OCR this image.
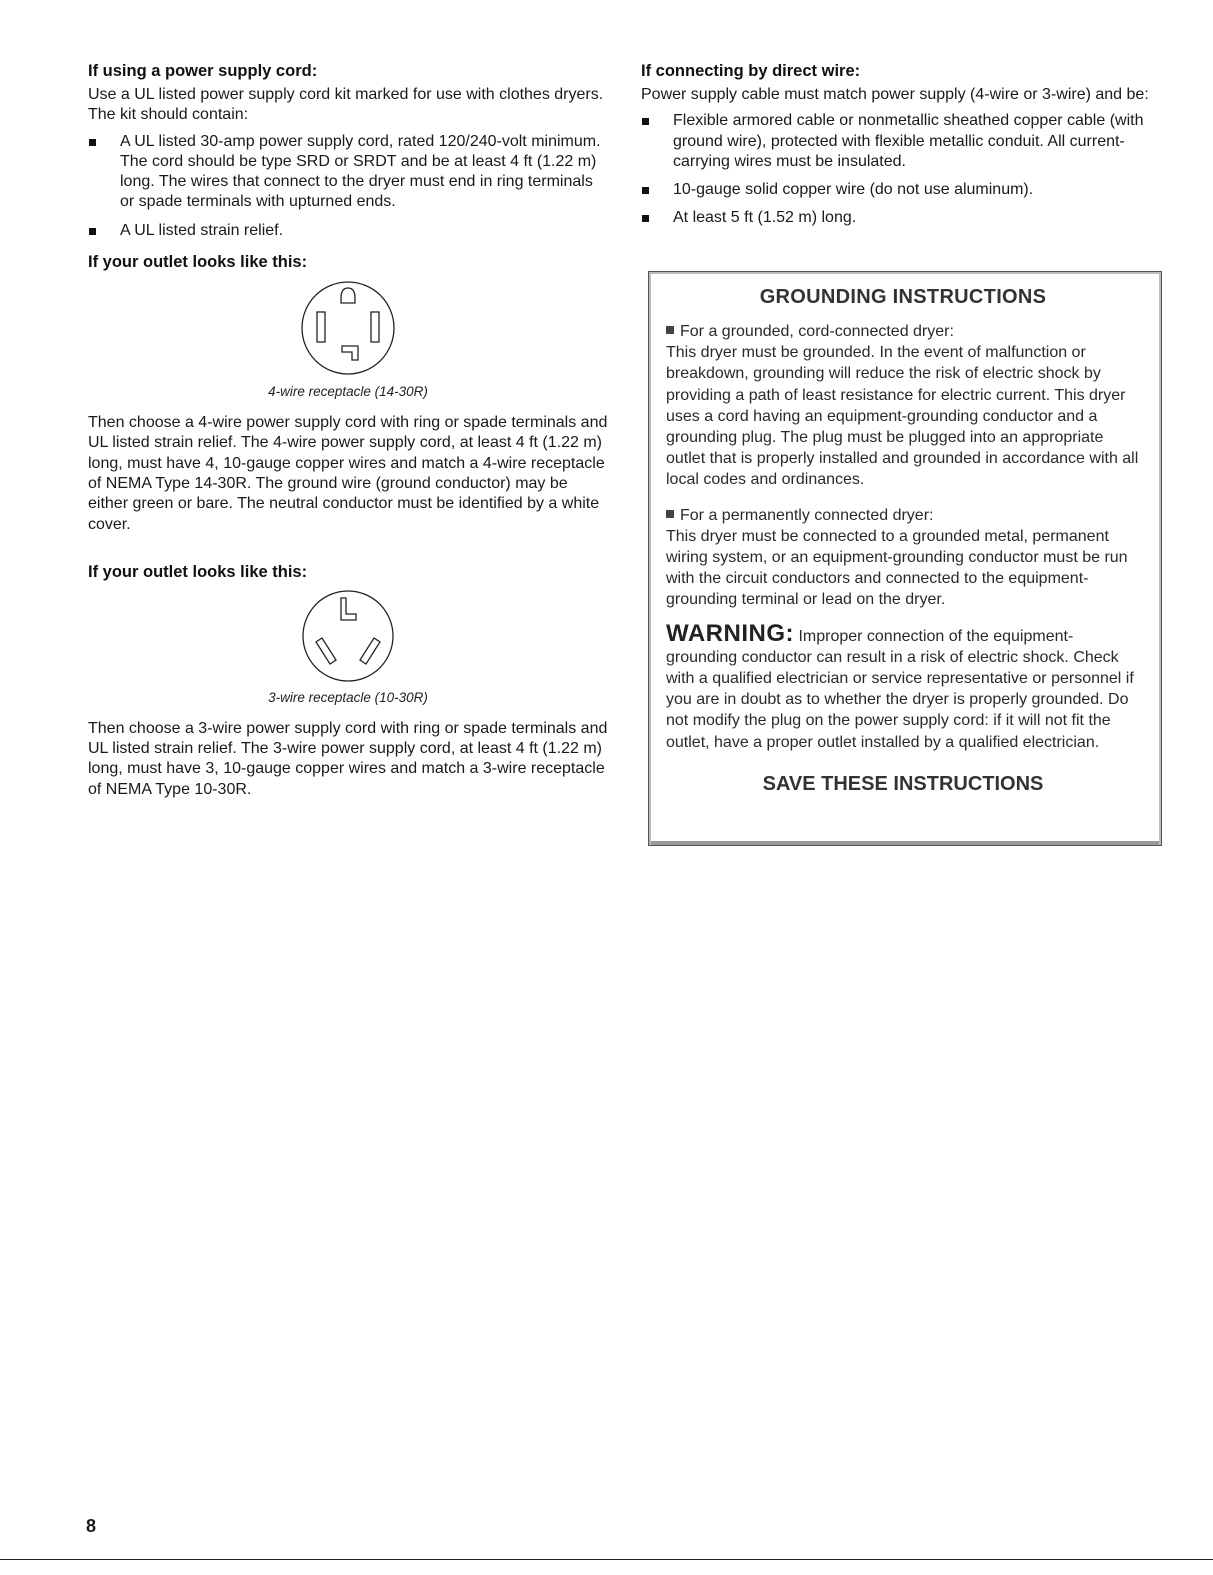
If using a power supply cord:

Use a UL listed power supply cord kit marked for use with clothes dryers. The kit should contain:

A UL listed 30-amp power supply cord, rated 120/240-volt minimum. The cord should be type SRD or SRDT and be at least 4 ft (1.22 m) long. The wires that connect to the dryer must end in ring terminals or spade terminals with upturned ends.
A UL listed strain relief.
If your outlet looks like this:
4-wire receptacle (14-30R)

Then choose a 4-wire power supply cord with ring or spade terminals and UL listed strain relief. The 4-wire power supply cord, at least 4 ft (1.22 m) long, must have 4, 10-gauge copper wires and match a 4-wire receptacle of NEMA Type 14-30R. The ground wire (ground conductor) may be either green or bare. The neutral conductor must be identified by a white cover.

If your outlet looks like this:
3-wire receptacle (10-30R)

Then choose a 3-wire power supply cord with ring or spade terminals and UL listed strain relief. The 3-wire power supply cord, at least 4 ft (1.22 m) long, must have 3, 10-gauge copper wires and match a 3-wire receptacle of NEMA Type 10-30R.

If connecting by direct wire:

Power supply cable must match power supply (4-wire or 3-wire) and be:

Flexible armored cable or nonmetallic sheathed copper cable (with ground wire), protected with flexible metallic conduit. All current-carrying wires must be insulated.
10-gauge solid copper wire (do not use aluminum).
At least 5 ft (1.52 m) long.
GROUNDING INSTRUCTIONS

For a grounded, cord-connected dryer:

This dryer must be grounded. In the event of malfunction or breakdown, grounding will reduce the risk of electric shock by providing a path of least resistance for electric current. This dryer uses a cord having an equipment-grounding conductor and a grounding plug. The plug must be plugged into an appropriate outlet that is properly installed and grounded in accordance with all local codes and ordinances.

For a permanently connected dryer:

This dryer must be connected to a grounded metal, permanent wiring system, or an equipment-grounding conductor must be run with the circuit conductors and connected to the equipment-grounding terminal or lead on the dryer.

WARNING: Improper connection of the equipment-grounding conductor can result in a risk of electric shock. Check with a qualified electrician or service representative or personnel if you are in doubt as to whether the dryer is properly grounded. Do not modify the plug on the power supply cord: if it will not fit the outlet, have a proper outlet installed by a qualified electrician.

SAVE THESE INSTRUCTIONS
8
